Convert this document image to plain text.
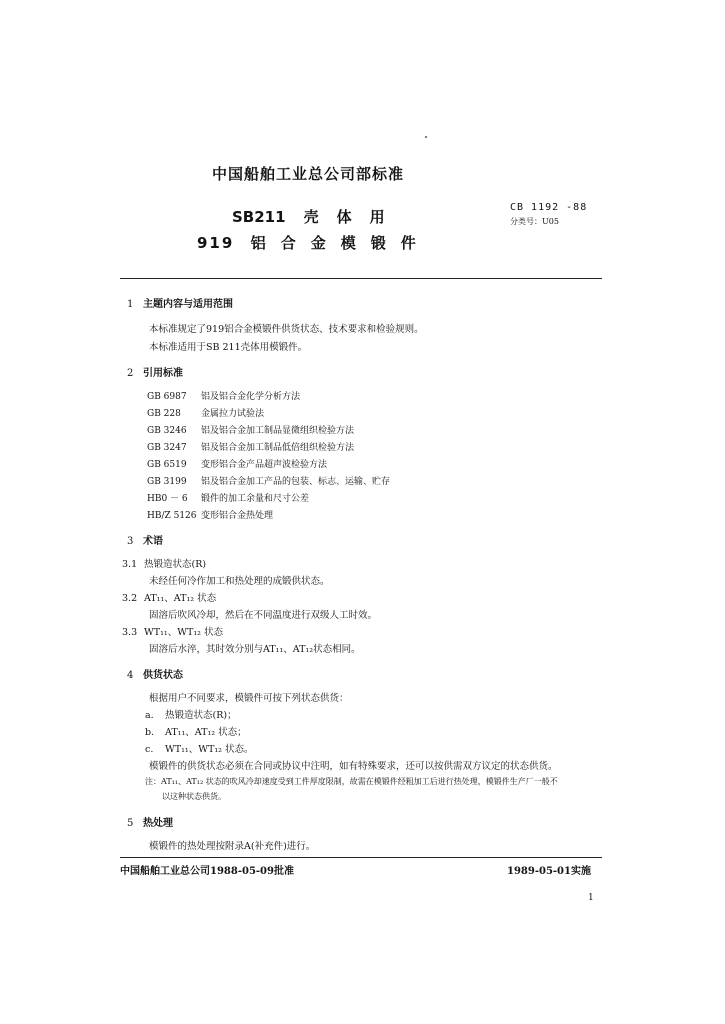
中国船舶工业总公司部标准
SB211 壳 体 用
919 铝 合 金 模 锻 件
CB 1192 -88
分类号：U05
1 主题内容与适用范围
本标准规定了919铝合金模锻件供货状态、技术要求和检验规则。
本标准适用于SB 211壳体用模锻件。
2 引用标准
GB 6987 铝及铝合金化学分析方法
GB 228 金属拉力试验法
GB 3246 铝及铝合金加工制品显微组织检验方法
GB 3247 铝及铝合金加工制品低倍组织检验方法
GB 6519 变形铝合金产品超声波检验方法
GB 3199 铝及铝合金加工产品的包装、标志、运输、贮存
HB0 － 6 锻件的加工余量和尺寸公差
HB/Z 5126 变形铝合金热处理
3 术语
3.1 热锻造状态(R)
未经任何冷作加工和热处理的成锻供状态。
3.2 AT₁₁、AT₁₂ 状态
固溶后吹风冷却，然后在不同温度进行双级人工时效。
3.3 WT₁₁、WT₁₂ 状态
固溶后水淬，其时效分别与AT₁₁、AT₁₂状态相同。
4 供货状态
根据用户不同要求，模锻件可按下列状态供货：
a. 热锻造状态(R)；
b. AT₁₁、AT₁₂ 状态；
c. WT₁₁、WT₁₂ 状态。
模锻件的供货状态必须在合同或协议中注明，如有特殊要求，还可以按供需双方议定的状态供货。
注：AT₁₁、AT₁₂ 状态的吹风冷却速度受到工件厚度限制，故需在模锻件经粗加工后进行热处理，模锻件生产厂一般不
以这种状态供货。
5 热处理
模锻件的热处理按附录A(补充件)进行。
中国船舶工业总公司1988-05-09批准	1989-05-01实施
1
